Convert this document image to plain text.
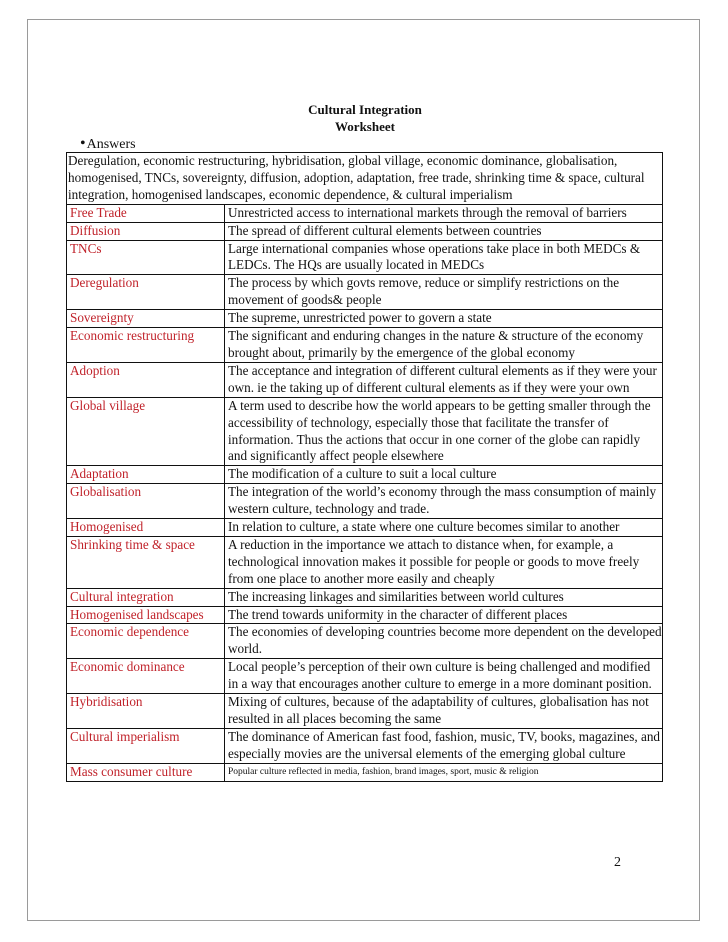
Cultural Integration
Worksheet
•Answers
Deregulation, economic restructuring, hybridisation, global village, economic dominance, globalisation, homogenised, TNCs, sovereignty, diffusion, adoption, adaptation, free trade, shrinking time & space, cultural integration, homogenised landscapes, economic dependence, & cultural imperialism	
Free Trade	Unrestricted access to international markets through the removal of barriers
Diffusion	The spread of different cultural elements between countries
TNCs	Large international companies whose operations take place in both MEDCs & LEDCs. The HQs are usually located in MEDCs
Deregulation	The process by which govts remove, reduce or simplify restrictions on the movement of goods& people
Sovereignty	The supreme, unrestricted power to govern a state
Economic restructuring	The significant and enduring changes in the nature & structure of the economy brought about, primarily by the emergence of the global economy
Adoption	The acceptance and integration of different cultural elements as if they were your own. ie the taking up of different cultural elements as if they were your own
Global village	A term used to describe how the world appears to be getting smaller through the accessibility of technology, especially those that facilitate the transfer of information. Thus the actions that occur in one corner of the globe can rapidly and significantly affect people elsewhere
Adaptation	The modification of a culture to suit a local culture
Globalisation	The integration of the world’s economy through the mass consumption of mainly western culture, technology and trade.
Homogenised	In relation to culture, a state where one culture becomes similar to another
Shrinking time & space	A reduction in the importance we attach to distance when, for example, a technological innovation makes it possible for people or goods to move freely from one place to another more easily and cheaply
Cultural integration	The increasing linkages and similarities between world cultures
Homogenised landscapes	The trend towards uniformity in the character of different places
Economic dependence	The economies of developing countries become more dependent on the developed world.
Economic dominance	Local people’s perception of their own culture is being challenged and modified in a way that encourages another culture to emerge in a more dominant position.
Hybridisation	Mixing of cultures, because of the adaptability of cultures, globalisation has not resulted in all places becoming the same
Cultural imperialism	The dominance of American fast food, fashion, music, TV, books, magazines, and especially movies are the universal elements of the emerging global culture
Mass consumer culture	Popular culture reflected in media, fashion, brand images, sport, music & religion
2
